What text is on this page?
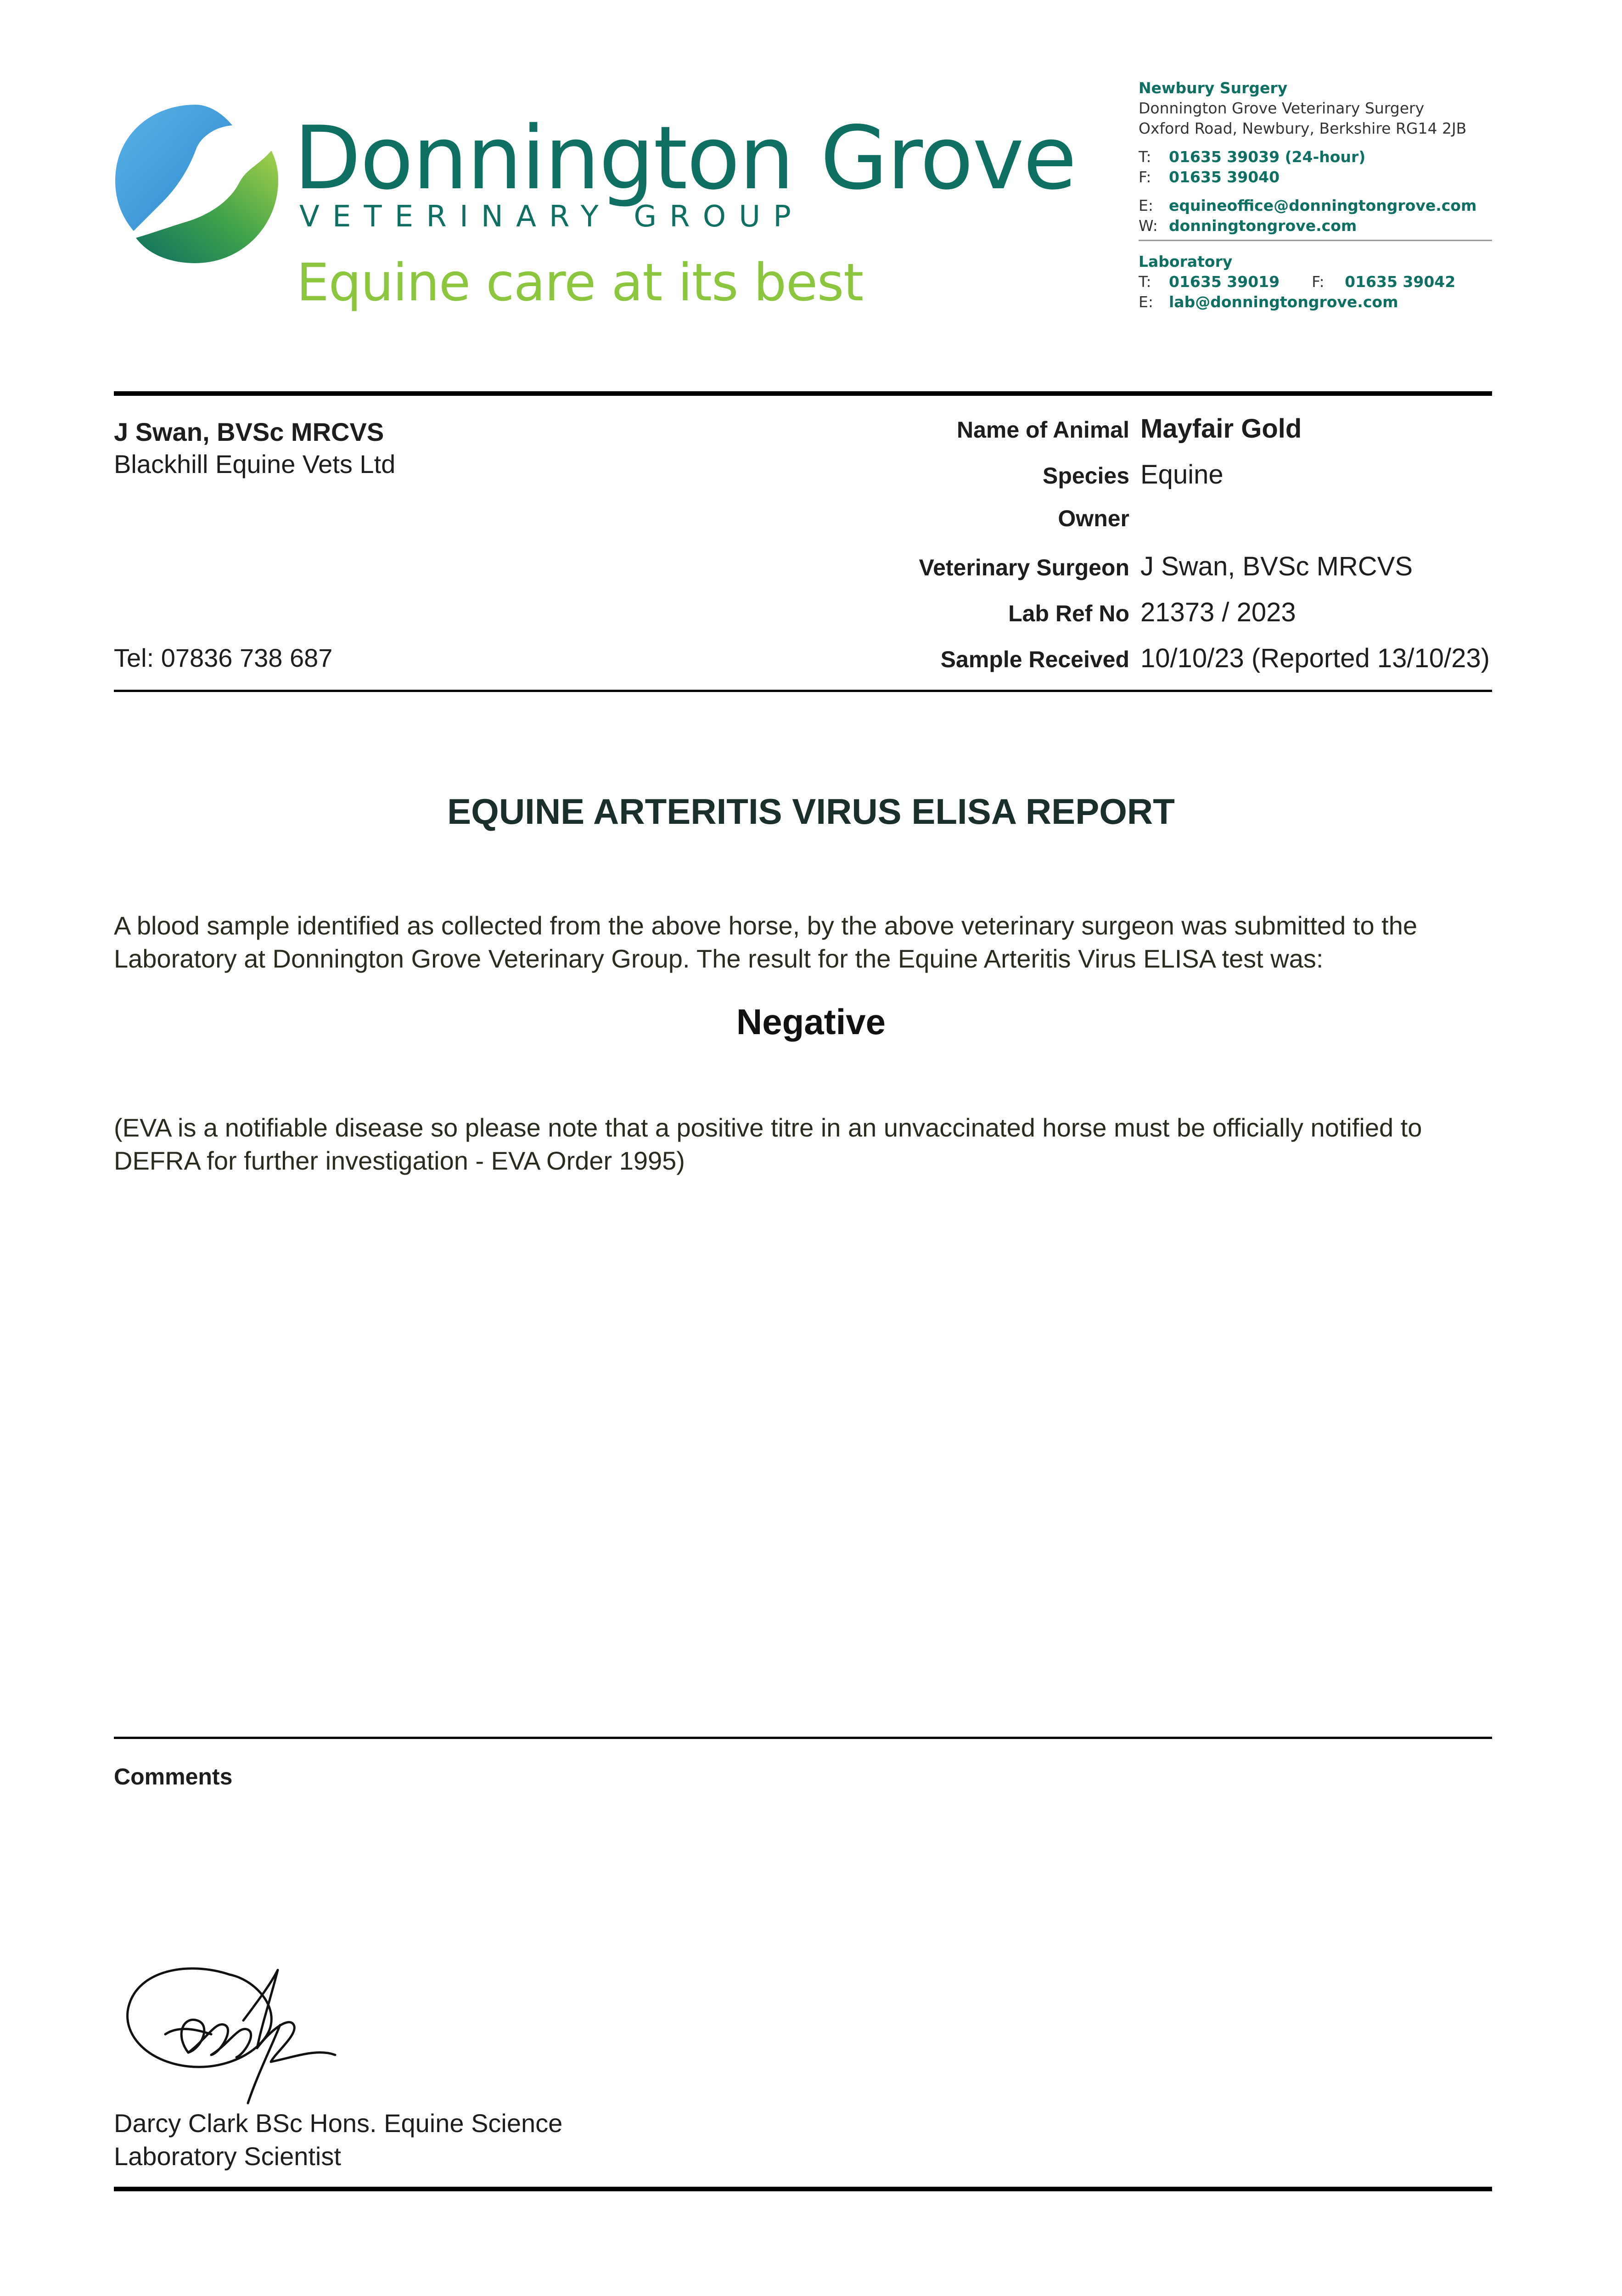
Donnington Grove
VETERINARY GROUP
Equine care at its best
Newbury Surgery
Donnington Grove Veterinary Surgery
Oxford Road, Newbury, Berkshire RG14 2JB
T:	01635 39039 (24-hour)
F:	01635 39040
E:	equineoffice@donningtongrove.com
W: donningtongrove.com
Laboratory
T:	01635 39019 F:	01635 39042
E:	lab@donningtongrove.com
J Swan, BVSc MRCVS
Blackhill Equine Vets Ltd
Tel: 07836 738 687
Name of Animal Mayfair Gold
Species Equine
Owner
Veterinary Surgeon J Swan, BVSc MRCVS
Lab Ref No 21373 / 2023
Sample Received 10/10/23 (Reported 13/10/23)
EQUINE ARTERITIS VIRUS ELISA REPORT
A blood sample identified as collected from the above horse, by the above veterinary surgeon was submitted to the Laboratory at Donnington Grove Veterinary Group. The result for the Equine Arteritis Virus ELISA test was:
Negative
(EVA is a notifiable disease so please note that a positive titre in an unvaccinated horse must be officially notified to DEFRA for further investigation - EVA Order 1995)
Comments
Darcy Clark BSc Hons. Equine Science
Laboratory Scientist
